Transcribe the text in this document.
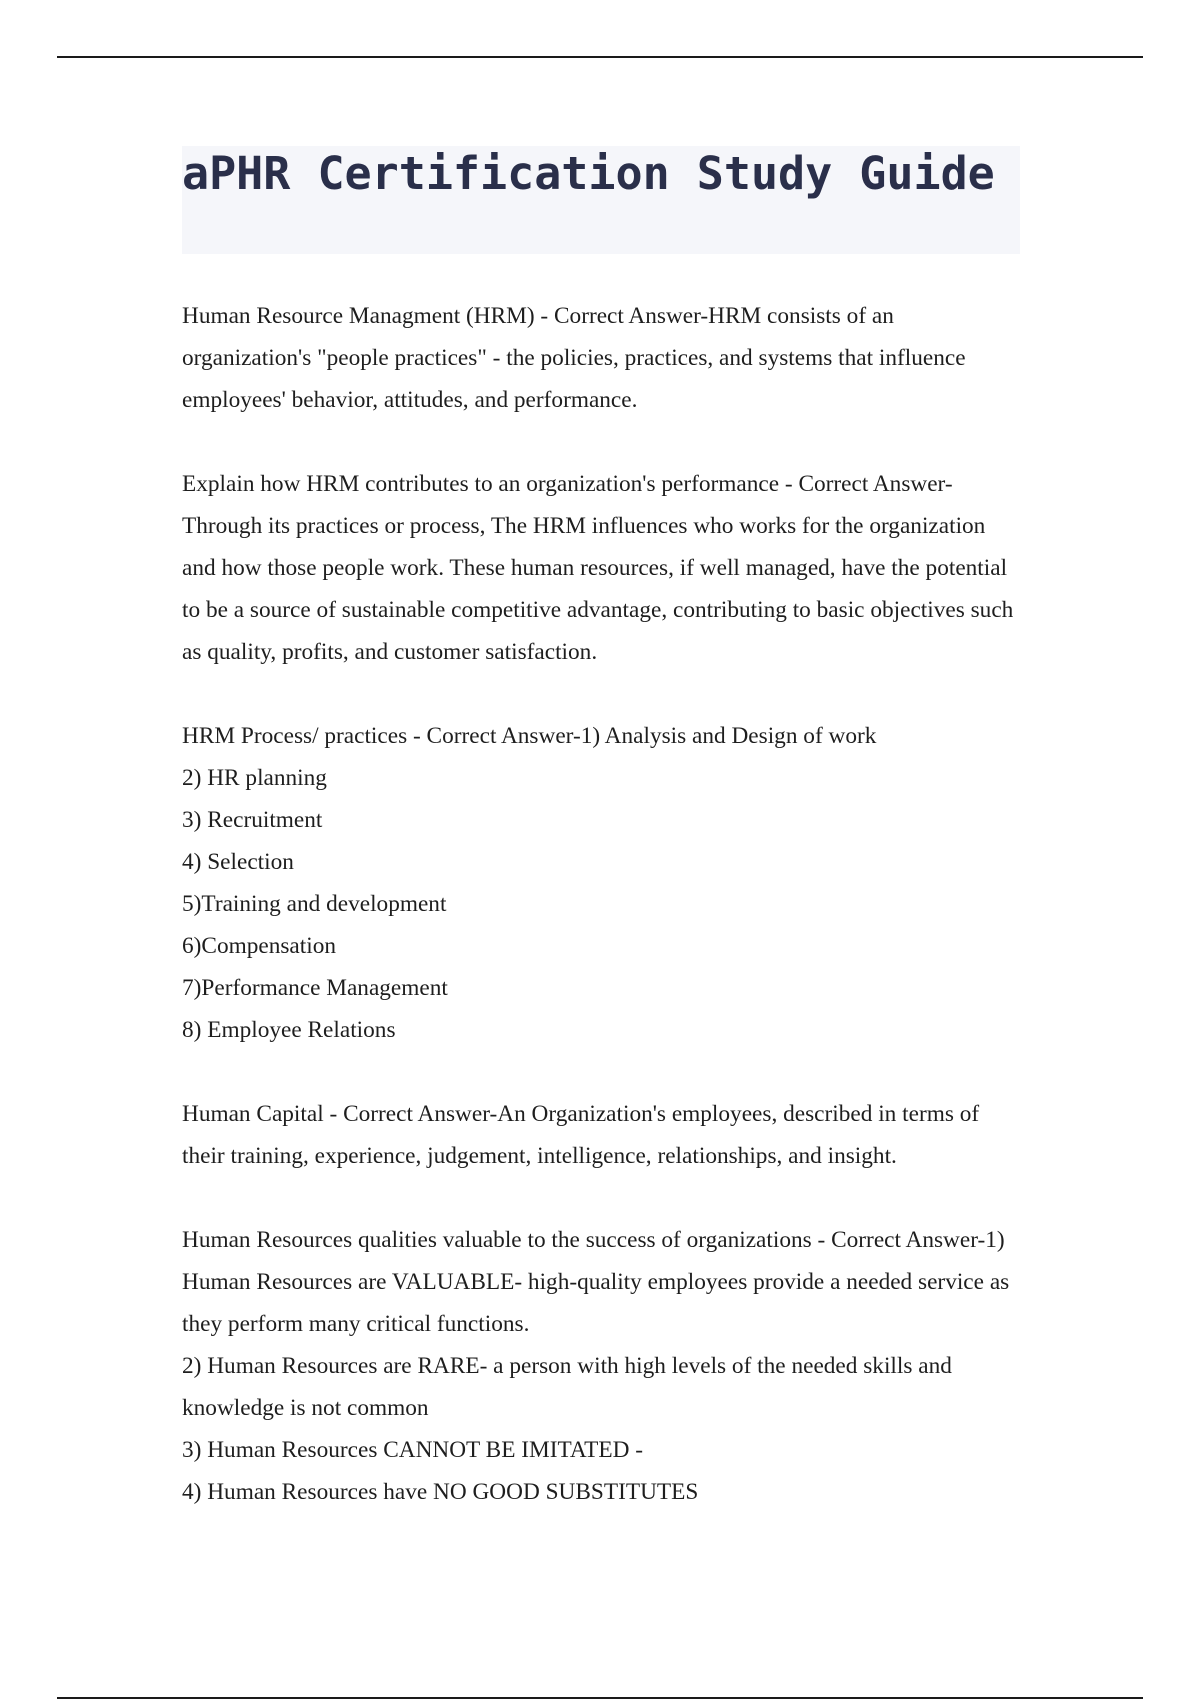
aPHR Certification Study Guide

Human Resource Managment (HRM) - Correct Answer-HRM consists of an organization's "people practices" - the policies, practices, and systems that influence employees' behavior, attitudes, and performance.

Explain how HRM contributes to an organization's performance - Correct Answer-Through its practices or process, The HRM influences who works for the organization and how those people work. These human resources, if well managed, have the potential to be a source of sustainable competitive advantage, contributing to basic objectives such as quality, profits, and customer satisfaction.

HRM Process/ practices - Correct Answer-1) Analysis and Design of work
2) HR planning
3) Recruitment
4) Selection
5)Training and development
6)Compensation
7)Performance Management
8) Employee Relations

Human Capital - Correct Answer-An Organization's employees, described in terms of their training, experience, judgement, intelligence, relationships, and insight.

Human Resources qualities valuable to the success of organizations - Correct Answer-1) Human Resources are VALUABLE- high-quality employees provide a needed service as they perform many critical functions.
2) Human Resources are RARE- a person with high levels of the needed skills and knowledge is not common
3) Human Resources CANNOT BE IMITATED -
4) Human Resources have NO GOOD SUBSTITUTES
